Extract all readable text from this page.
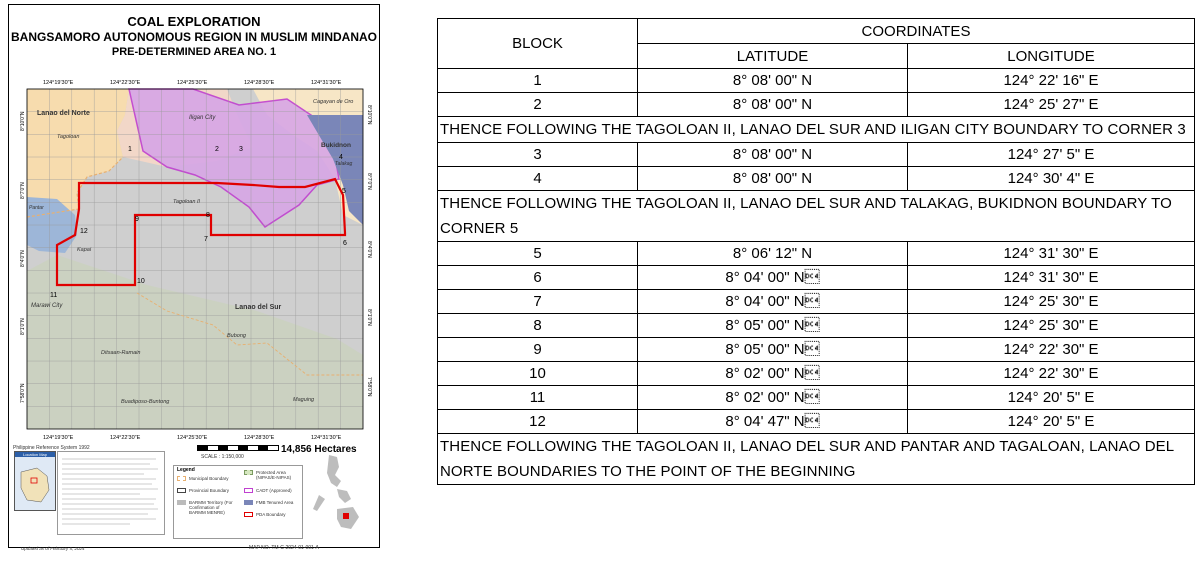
COAL EXPLORATION
BANGSAMORO AUTONOMOUS REGION IN MUSLIM MINDANAO
PRE-DETERMINED AREA NO. 1
1	2	3
4
5
6
7
8
9
10
11
12
Lanao del Norte
Iligan City
Cagayan de Oro
Bukidnon
Tagoloan
Tagoloan II
Kapai
Marawi City	Lanao del Sur
Bubong
Ditsaan-Ramain
Buadiposo-Buntong	Maguing
Talakag
Pantar
124°19'30"E	124°22'30"E	124°25'30"E	124°28'30"E	124°31'30"E
124°19'30"E	124°22'30"E	124°25'30"E	124°28'30"E	124°31'30"E
8°10'0"N
8°7'0"N
8°4'0"N
8°1'0"N
7°58'0"N
8°10'0"N
8°7'0"N
8°4'0"N
8°1'0"N
7°58'0"N
Philippine Reference System 1992
SCALE : 1:150,000
14,856 Hectares
Location Map

Legend
Municipal Boundary
Provincial Boundary
BARMM Territory (For Confirmation of BARMM MENRE)
Protected Area (NIPAS/E-NIPAS)
CADT (Approved)
FMB Tenured Area
PDA Boundary
Updated as of February 5, 2024	MAP NO. TM-C-2024-01-001-A
BLOCK	COORDINATES	
	LATITUDE	LONGITUDE
1	8° 08' 00" N	124° 22' 16" E
2	8° 08' 00" N	124° 25' 27" E
THENCE FOLLOWING THE TAGOLOAN II, LANAO DEL SUR AND ILIGAN CITY BOUNDARY TO CORNER 3		
3	8° 08' 00" N	124° 27' 5" E
4	8° 08' 00" N	124° 30' 4" E
THENCE FOLLOWING THE TAGOLOAN II, LANAO DEL SUR AND TALAKAG, BUKIDNON BOUNDARY TO CORNER 5		
5	8° 06' 12" N	124° 31' 30" E
6	8° 04' 00" N	124° 31' 30" E
7	8° 04' 00" N	124° 25' 30" E
8	8° 05' 00" N	124° 25' 30" E
9	8° 05' 00" N	124° 22' 30" E
10	8° 02' 00" N	124° 22' 30" E
11	8° 02' 00" N	124° 20' 5" E
12	8° 04' 47" N	124° 20' 5" E
THENCE FOLLOWING THE TAGOLOAN II, LANAO DEL SUR AND PANTAR AND TAGALOAN, LANAO DEL NORTE BOUNDARIES TO THE POINT OF THE BEGINNING		
